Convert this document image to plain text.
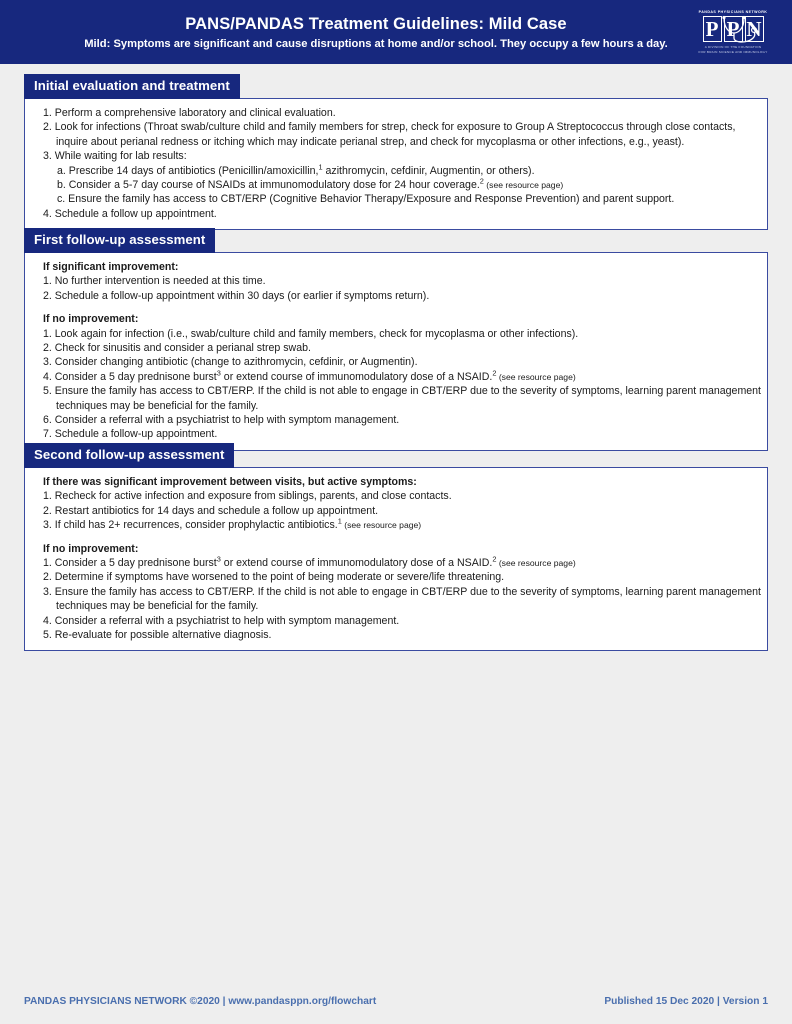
PANS/PANDAS Treatment Guidelines: Mild Case
Mild: Symptoms are significant and cause disruptions at home and/or school. They occupy a few hours a day.
PANDAS PHYSICIANS NETWORK
P P N
A DIVISION OF THE FOUNDATION
FOR BRAIN SCIENCE AND IMMUNOLOGY
Initial evaluation and treatment
1. Perform a comprehensive laboratory and clinical evaluation.
2. Look for infections (Throat swab/culture child and family members for strep, check for exposure to Group A Streptococcus through close contacts,
inquire about perianal redness or itching which may indicate perianal strep, and check for mycoplasma or other infections, e.g., yeast).
3. While waiting for lab results:
a. Prescribe 14 days of antibiotics (Penicillin/amoxicillin,$^1$ azithromycin, cefdinir, Augmentin, or others).
b. Consider a 5-7 day course of NSAIDs at immunomodulatory dose for 24 hour coverage.$^2$ (see resource page)
c. Ensure the family has access to CBT/ERP (Cognitive Behavior Therapy/Exposure and Response Prevention) and parent support.
4. Schedule a follow up appointment.
First follow-up assessment
If significant improvement:
1. No further intervention is needed at this time.
2. Schedule a follow-up appointment within 30 days (or earlier if symptoms return).
If no improvement:
1. Look again for infection (i.e., swab/culture child and family members, check for mycoplasma or other infections).
2. Check for sinusitis and consider a perianal strep swab.
3. Consider changing antibiotic (change to azithromycin, cefdinir, or Augmentin).
4. Consider a 5 day prednisone burst$^3$ or extend course of immunomodulatory dose of a NSAID.$^2$ (see resource page)
5. Ensure the family has access to CBT/ERP. If the child is not able to engage in CBT/ERP due to the severity of symptoms, learning parent management
techniques may be beneficial for the family.
6. Consider a referral with a psychiatrist to help with symptom management.
7. Schedule a follow-up appointment.
Second follow-up assessment
If there was significant improvement between visits, but active symptoms:
1. Recheck for active infection and exposure from siblings, parents, and close contacts.
2. Restart antibiotics for 14 days and schedule a follow up appointment.
3. If child has 2+ recurrences, consider prophylactic antibiotics.$^1$ (see resource page)
If no improvement:
1. Consider a 5 day prednisone burst$^3$ or extend course of immunomodulatory dose of a NSAID.$^2$ (see resource page)
2. Determine if symptoms have worsened to the point of being moderate or severe/life threatening.
3. Ensure the family has access to CBT/ERP. If the child is not able to engage in CBT/ERP due to the severity of symptoms, learning parent management
techniques may be beneficial for the family.
4. Consider a referral with a psychiatrist to help with symptom management.
5. Re-evaluate for possible alternative diagnosis.
PANDAS PHYSICIANS NETWORK ©2020 | www.pandasppn.org/flowchart	Published 15 Dec 2020 | Version 1
